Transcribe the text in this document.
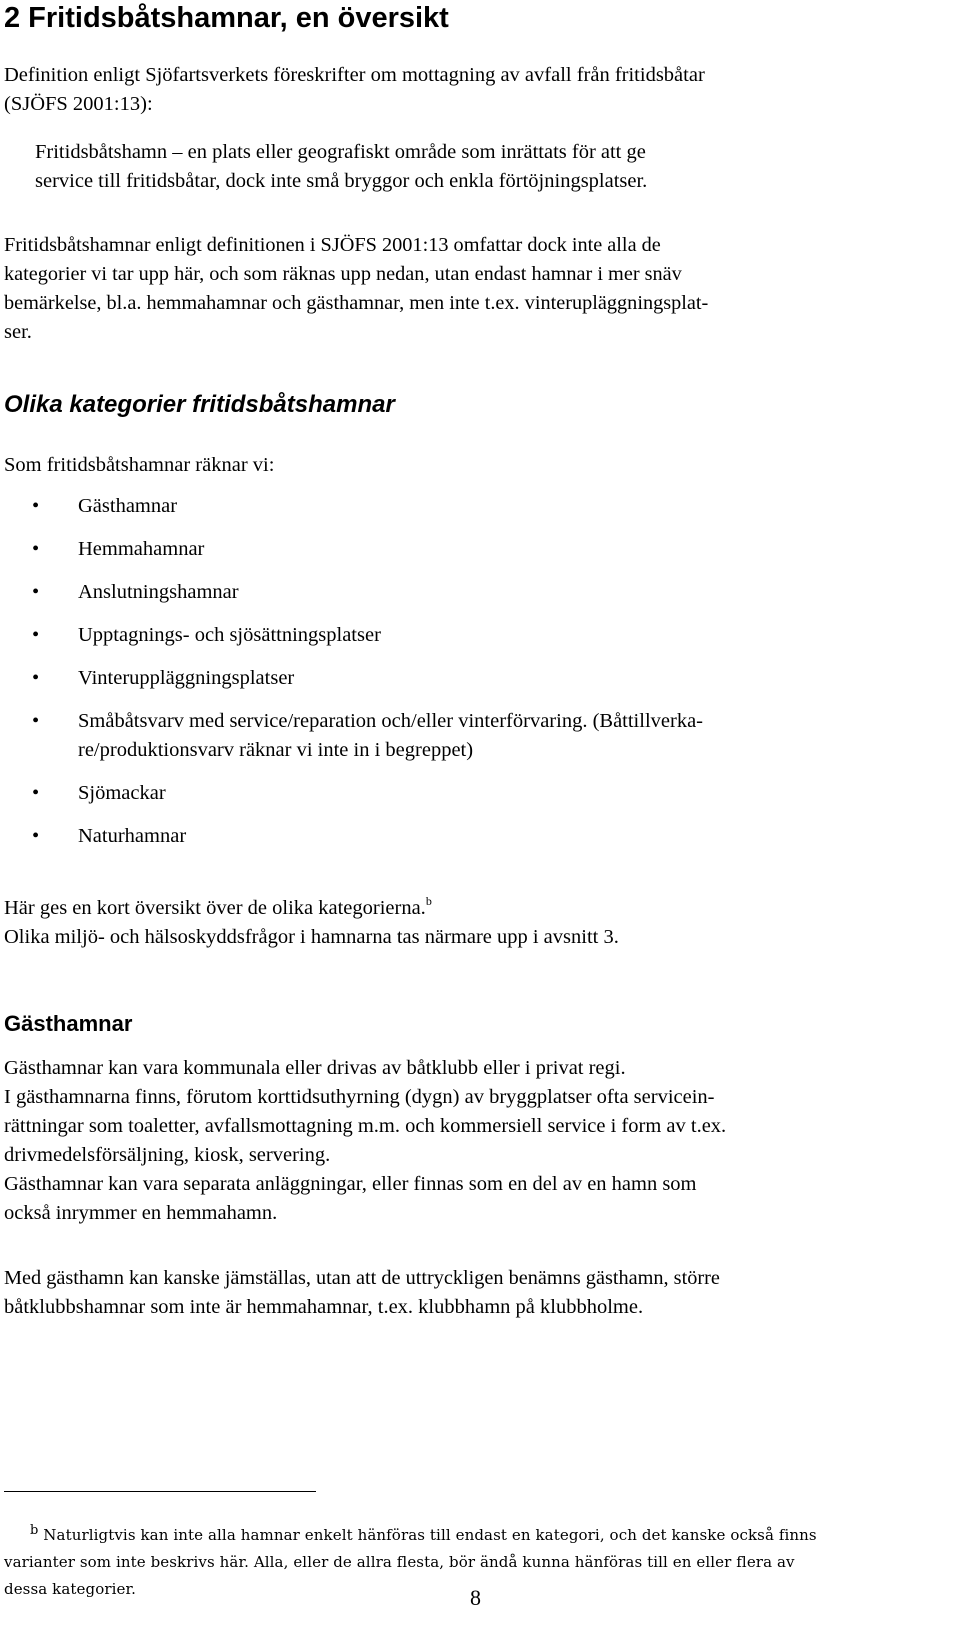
2 Fritidsbåtshamnar, en översikt

Definition enligt Sjöfartsverkets föreskrifter om mottagning av avfall från fritidsbåtar

(SJÖFS 2001:13):

Fritidsbåtshamn – en plats eller geografiskt område som inrättats för att ge

service till fritidsbåtar, dock inte små bryggor och enkla förtöjningsplatser.

Fritidsbåtshamnar enligt definitionen i SJÖFS 2001:13 omfattar dock inte alla de

kategorier vi tar upp här, och som räknas upp nedan, utan endast hamnar i mer snäv

bemärkelse, bl.a. hemmahamnar och gästhamnar, men inte t.ex. vinterupläggningsplat-

ser.

Olika kategorier fritidsbåtshamnar

Som fritidsbåtshamnar räknar vi:

• Gästhamnar
• Hemmahamnar
• Anslutningshamnar
• Upptagnings- och sjösättningsplatser
• Vinteruppläggningsplatser
• Småbåtsvarv med service/reparation och/eller vinterförvaring. (Båttillverka-
re/produktionsvarv räknar vi inte in i begreppet)
• Sjömackar
• Naturhamnar

Här ges en kort översikt över de olika kategorierna.$^b$

Olika miljö- och hälsoskyddsfrågor i hamnarna tas närmare upp i avsnitt 3.

Gästhamnar

Gästhamnar kan vara kommunala eller drivas av båtklubb eller i privat regi.

I gästhamnarna finns, förutom korttidsuthyrning (dygn) av bryggplatser ofta servicein-

rättningar som toaletter, avfallsmottagning m.m. och kommersiell service i form av t.ex.

drivmedelsförsäljning, kiosk, servering.

Gästhamnar kan vara separata anläggningar, eller finnas som en del av en hamn som

också inrymmer en hemmahamn.

Med gästhamn kan kanske jämställas, utan att de uttryckligen benämns gästhamn, större

båtklubbshamnar som inte är hemmahamnar, t.ex. klubbhamn på klubbholme.

$^b$ Naturligtvis kan inte alla hamnar enkelt hänföras till endast en kategori, och det kanske också finns

varianter som inte beskrivs här. Alla, eller de allra flesta, bör ändå kunna hänföras till en eller flera av

dessa kategorier.	8
